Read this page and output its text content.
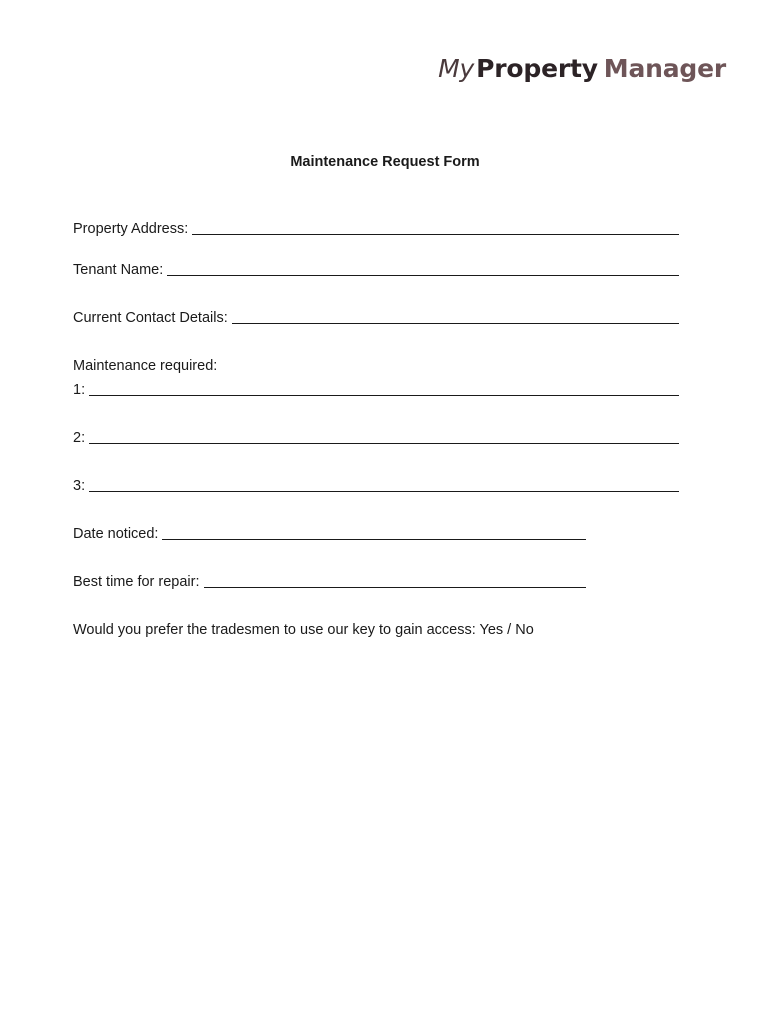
MyProperty Manager
Maintenance Request Form
Property Address:
Tenant Name:
Current Contact Details:
Maintenance required:
1:
2:
3:
Date noticed:
Best time for repair:
Would you prefer the tradesmen to use our key to gain access: Yes / No
